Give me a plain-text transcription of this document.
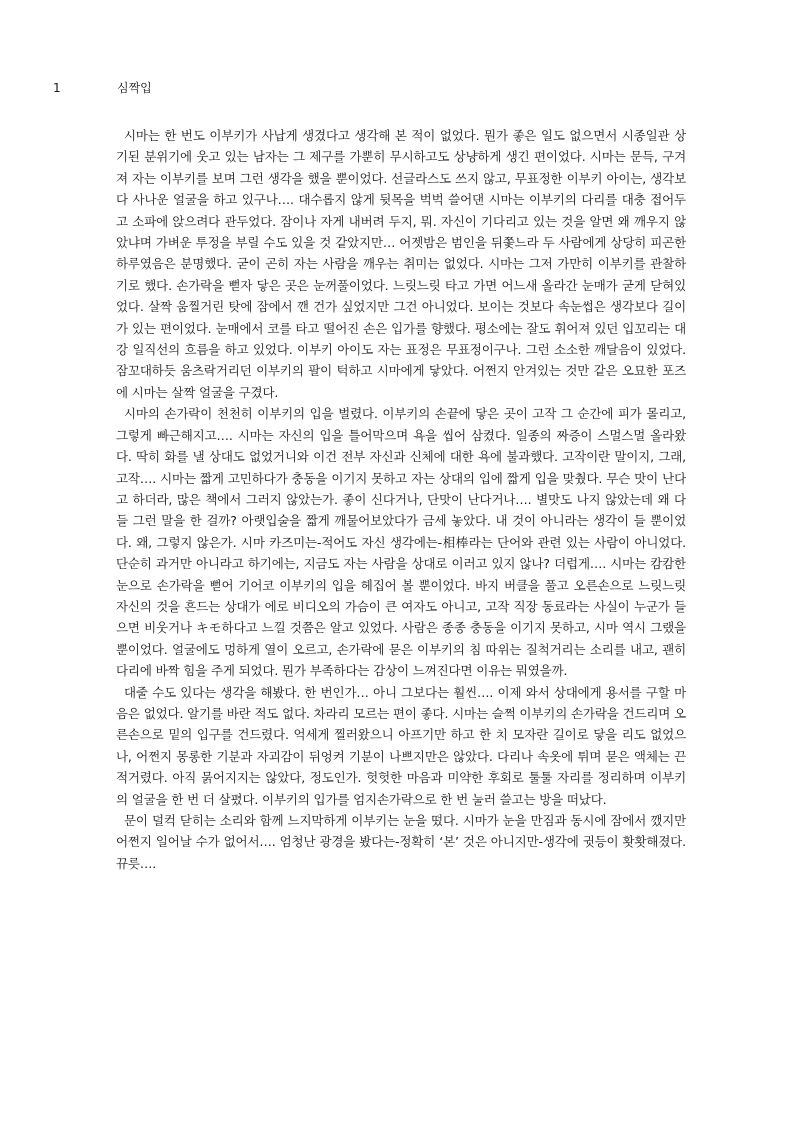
1	심짝입

시마는 한 번도 이부키가 사납게 생겼다고 생각해 본 적이 없었다. 뭔가 좋은 일도 없으면서 시종일관 상기된 분위기에 웃고 있는 남자는 그 제구를 가뿐히 무시하고도 상냥하게 생긴 편이었다. 시마는 문득, 구겨져 자는 이부키를 보며 그런 생각을 했을 뿐이었다. 선글라스도 쓰지 않고, 무표정한 이부키 아이는, 생각보다 사나운 얼굴을 하고 있구나…. 대수롭지 않게 뒷목을 벅벅 쓸어댄 시마는 이부키의 다리를 대충 접어두고 소파에 앉으려다 관두었다. 잠이나 자게 내버려 두지, 뭐. 자신이 기다리고 있는 것을 알면 왜 깨우지 않았냐며 가벼운 투정을 부릴 수도 있을 것 같았지만… 어젯밤은 범인을 뒤쫓느라 두 사람에게 상당히 피곤한 하루였음은 분명했다. 굳이 곤히 자는 사람을 깨우는 취미는 없었다. 시마는 그저 가만히 이부키를 관찰하기로 했다. 손가락을 뻗자 닿은 곳은 눈꺼풀이었다. 느릿느릿 타고 가면 어느새 올라간 눈매가 굳게 닫혀있었다. 살짝 움찔거린 탓에 잠에서 깬 건가 싶었지만 그건 아니었다. 보이는 것보다 속눈썹은 생각보다 길이가 있는 편이었다. 눈매에서 코를 타고 떨어진 손은 입가를 향했다. 평소에는 잘도 휘어져 있던 입꼬리는 대강 일직선의 흐름을 하고 있었다. 이부키 아이도 자는 표정은 무표정이구나. 그런 소소한 깨달음이 있었다. 잠꼬대하듯 움츠락거리던 이부키의 팔이 턱하고 시마에게 닿았다. 어쩐지 안겨있는 것만 같은 오묘한 포즈에 시마는 살짝 얼굴을 구겼다.

시마의 손가락이 천천히 이부키의 입을 벌렸다. 이부키의 손끝에 닿은 곳이 고작 그 순간에 피가 몰리고, 그렇게 빠근해지고…. 시마는 자신의 입을 틀어막으며 욕을 씹어 삼켰다. 일종의 짜증이 스멀스멀 올라왔다. 딱히 화를 낼 상대도 없었거니와 이건 전부 자신과 신체에 대한 욕에 불과했다. 고작이란 말이지, 그래, 고작…. 시마는 짧게 고민하다가 충동을 이기지 못하고 자는 상대의 입에 짧게 입을 맞췄다. 무슨 맛이 난다고 하더라, 많은 책에서 그러지 않았는가. 좋이 신다거나, 단맛이 난다거나…. 별맛도 나지 않았는데 왜 다들 그런 말을 한 걸까? 아랫입술을 짧게 깨물어보았다가 금세 놓았다. 내 것이 아니라는 생각이 들 뿐이었다. 왜, 그렇지 않은가. 시마 카즈미는-적어도 자신 생각에는-相棒라는 단어와 관련 있는 사람이 아니었다. 단순히 과거만 아니라고 하기에는, 지금도 자는 사람을 상대로 이러고 있지 않나? 더럽게…. 시마는 캄캄한 눈으로 손가락을 뻗어 기어코 이부키의 입을 헤집어 볼 뿐이었다. 바지 버클을 풀고 오른손으로 느릿느릿 자신의 것을 흔드는 상대가 에로 비디오의 가슴이 큰 여자도 아니고, 고작 직장 동료라는 사실이 누군가 들으면 비웃거나 キモ하다고 느낄 것쯤은 알고 있었다. 사람은 종종 충동을 이기지 못하고, 시마 역시 그랬을 뿐이었다. 얼굴에도 멍하게 열이 오르고, 손가락에 묻은 이부키의 침 따위는 질척거리는 소리를 내고, 괜히 다리에 바짝 힘을 주게 되었다. 뭔가 부족하다는 감상이 느껴진다면 이유는 뭐였을까.

대줄 수도 있다는 생각을 해봤다. 한 번인가… 아니 그보다는 훨씬…. 이제 와서 상대에게 용서를 구할 마음은 없었다. 알기를 바란 적도 없다. 차라리 모르는 편이 좋다. 시마는 슬쩍 이부키의 손가락을 건드리며 오른손으로 밑의 입구를 건드렸다. 억세게 찔러왔으니 아프기만 하고 한 치 모자란 길이로 닿을 리도 없었으나, 어쩐지 몽롱한 기분과 자괴감이 뒤엉켜 기분이 나쁘지만은 않았다. 다리나 속옷에 튀며 묻은 액체는 끈적거렸다. 아직 묽어지지는 않았다, 정도인가. 헛헛한 마음과 미약한 후회로 툴툴 자리를 정리하며 이부키의 얼굴을 한 번 더 살폈다. 이부키의 입가를 엄지손가락으로 한 번 눌러 쓸고는 방을 떠났다.

문이 덜컥 닫히는 소리와 함께 느지막하게 이부키는 눈을 떴다. 시마가 눈을 만짐과 동시에 잠에서 깼지만 어쩐지 일어날 수가 없어서…. 엄청난 광경을 봤다는-정확히 ‘본’ 것은 아니지만-생각에 귓등이 홧홧해졌다. 뀨릇….
